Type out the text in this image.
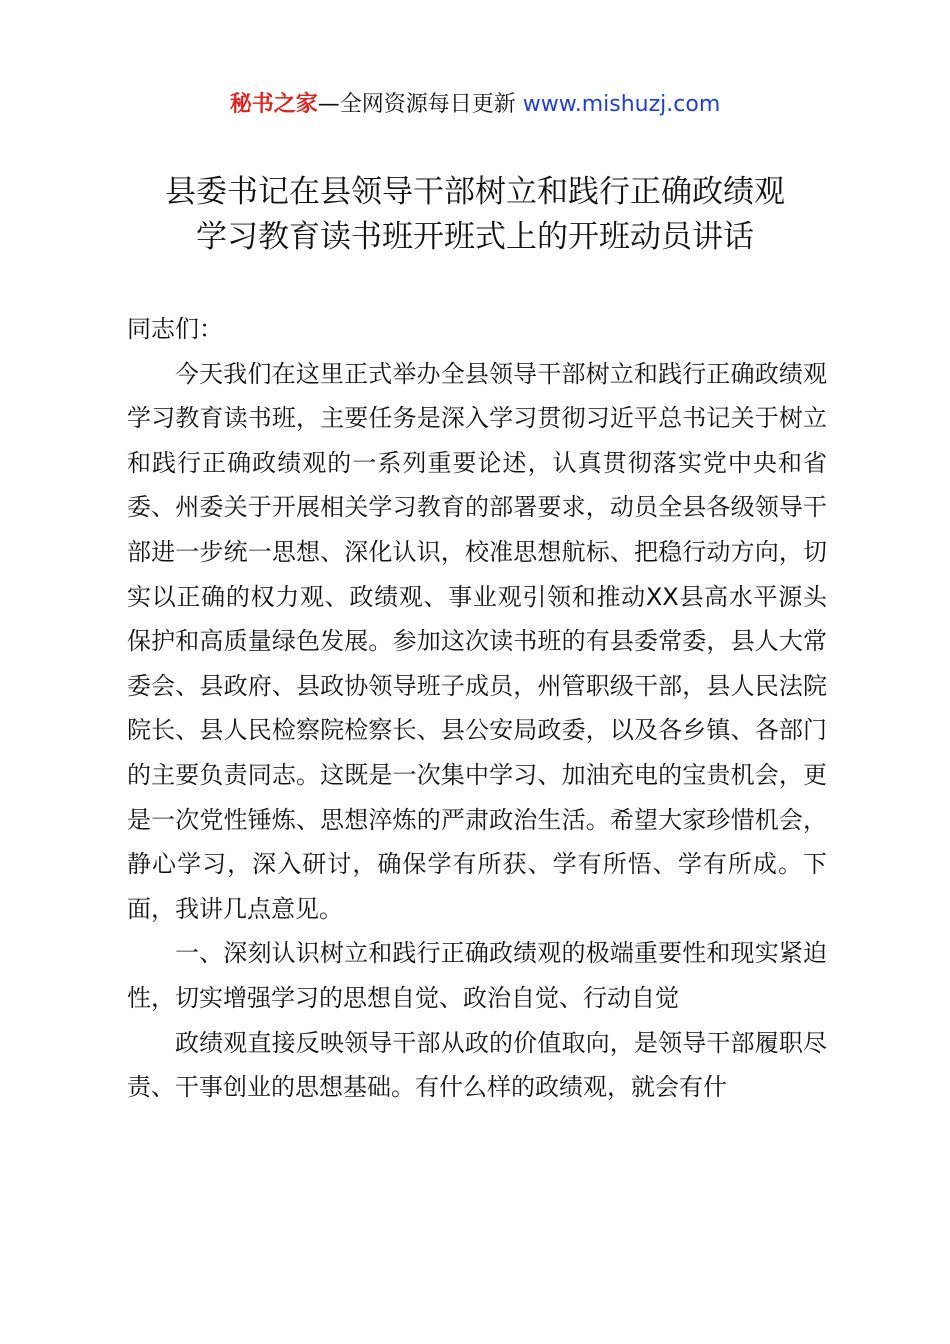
秘书之家—全网资源每日更新 www.mishuzj.com
县委书记在县领导干部树立和践行正确政绩观
学习教育读书班开班式上的开班动员讲话

同志们：

今天我们在这里正式举办全县领导干部树立和践行正确政绩观学习教育读书班，主要任务是深入学习贯彻习近平总书记关于树立和践行正确政绩观的一系列重要论述，认真贯彻落实党中央和省委、州委关于开展相关学习教育的部署要求，动员全县各级领导干部进一步统一思想、深化认识，校准思想航标、把稳行动方向，切实以正确的权力观、政绩观、事业观引领和推动XX县高水平源头保护和高质量绿色发展。参加这次读书班的有县委常委，县人大常委会、县政府、县政协领导班子成员，州管职级干部，县人民法院院长、县人民检察院检察长、县公安局政委，以及各乡镇、各部门的主要负责同志。这既是一次集中学习、加油充电的宝贵机会，更是一次党性锤炼、思想淬炼的严肃政治生活。希望大家珍惜机会，静心学习，深入研讨，确保学有所获、学有所悟、学有所成。下面，我讲几点意见。

一、深刻认识树立和践行正确政绩观的极端重要性和现实紧迫性，切实增强学习的思想自觉、政治自觉、行动自觉

政绩观直接反映领导干部从政的价值取向，是领导干部履职尽责、干事创业的思想基础。有什么样的政绩观，就会有什
